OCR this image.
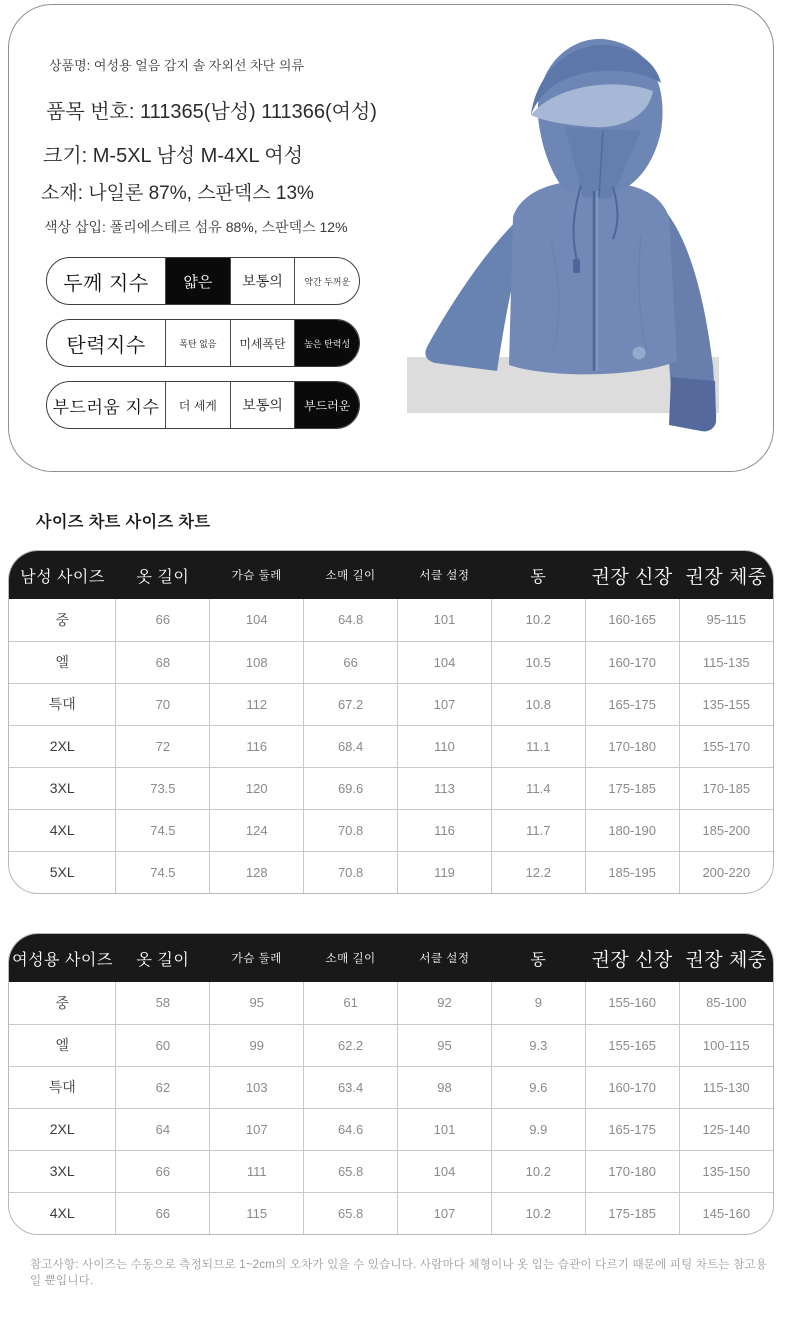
상품명: 여성용 얼음 감지 솔 자외선 차단 의류
품목 번호: 111365(남성) 111366(여성)
크기: M-5XL 남성 M-4XL 여성
소재: 나일론 87%, 스판덱스 13%
색상 삽입: 폴리에스테르 섬유 88%, 스판덱스 12%
두께 지수	얇은	보통의	약간 두꺼운
탄력지수	폭탄 없음	미세폭탄	높은 탄력성
부드러움 지수	더 세게	보통의	부드러운
사이즈 차트 사이즈 차트
남성 사이즈	옷 길이	가슴 둘레	소매 길이	서클 설정	동	권장 신장	권장 체중
중	66	104	64.8	101	10.2	160-165	95-115
엘	68	108	66	104	10.5	160-170	115-135
특대	70	112	67.2	107	10.8	165-175	135-155
2XL	72	116	68.4	110	11.1	170-180	155-170
3XL	73.5	120	69.6	113	11.4	175-185	170-185
4XL	74.5	124	70.8	116	11.7	180-190	185-200
5XL	74.5	128	70.8	119	12.2	185-195	200-220
여성용 사이즈	옷 길이	가슴 둘레	소매 길이	서클 설정	동	권장 신장	권장 체중
중	58	95	61	92	9	155-160	85-100
엘	60	99	62.2	95	9.3	155-165	100-115
특대	62	103	63.4	98	9.6	160-170	115-130
2XL	64	107	64.6	101	9.9	165-175	125-140
3XL	66	111	65.8	104	10.2	170-180	135-150
4XL	66	115	65.8	107	10.2	175-185	145-160
참고사항: 사이즈는 수동으로 측정되므로 1~2cm의 오차가 있을 수 있습니다. 사람마다 체형이나 옷 입는 습관이 다르기 때문에 피팅 차트는 참고용일 뿐입니다.
